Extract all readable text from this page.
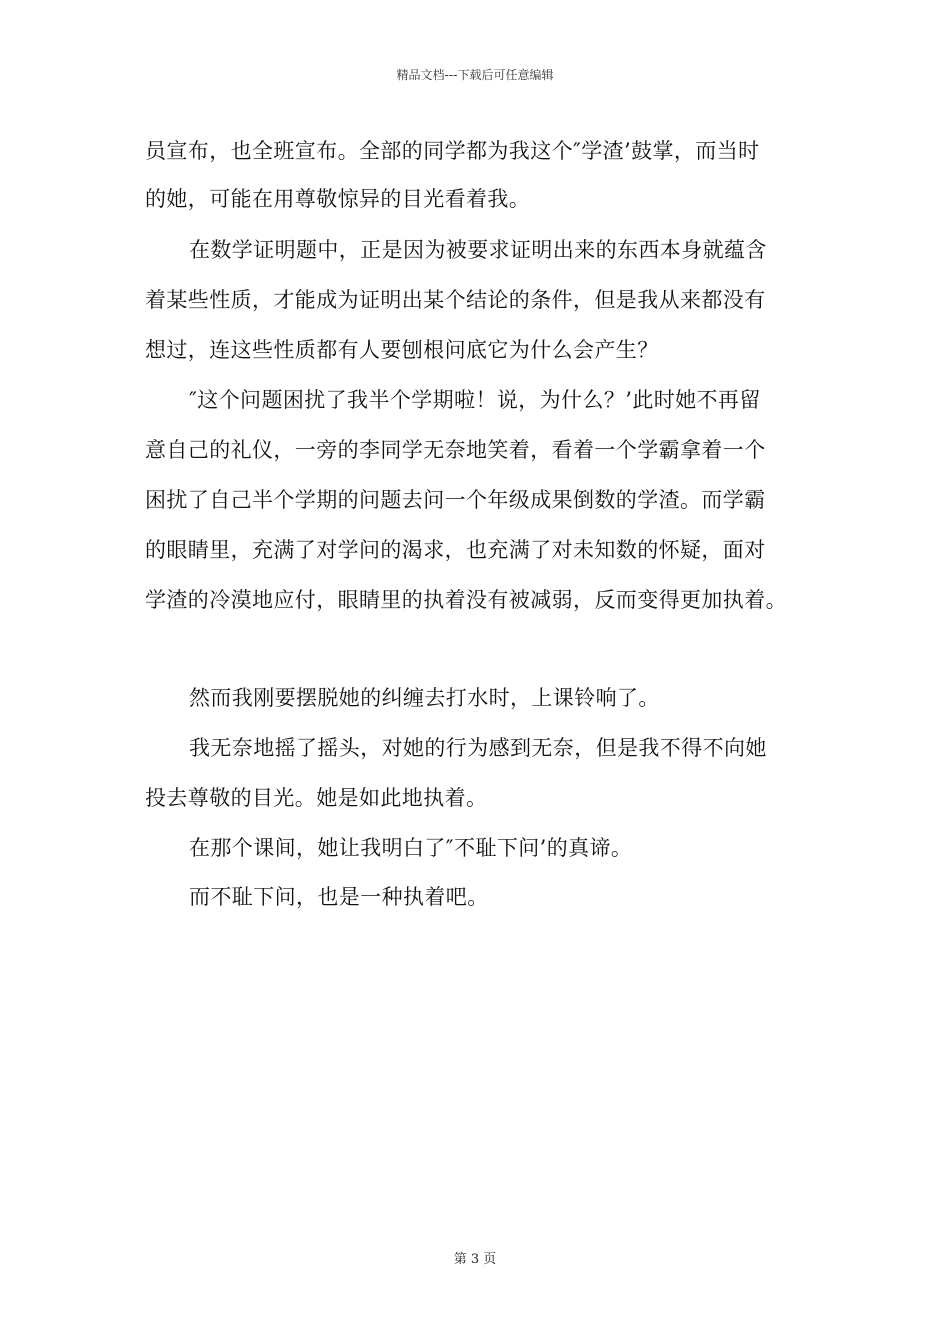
精品文档---下载后可任意编辑
员宣布，也全班宣布。全部的同学都为我这个″学渣’鼓掌，而当时
的她，可能在用尊敬惊异的目光看着我。
在数学证明题中，正是因为被要求证明出来的东西本身就蕴含
着某些性质，才能成为证明出某个结论的条件，但是我从来都没有
想过，连这些性质都有人要刨根问底它为什么会产生？
″这个问题困扰了我半个学期啦！说，为什么？’此时她不再留
意自己的礼仪，一旁的李同学无奈地笑着，看着一个学霸拿着一个
困扰了自己半个学期的问题去问一个年级成果倒数的学渣。而学霸
的眼睛里，充满了对学问的渴求，也充满了对未知数的怀疑，面对
学渣的冷漠地应付，眼睛里的执着没有被减弱，反而变得更加执着。
然而我刚要摆脱她的纠缠去打水时，上课铃响了。
我无奈地摇了摇头，对她的行为感到无奈，但是我不得不向她
投去尊敬的目光。她是如此地执着。
在那个课间，她让我明白了″不耻下问’的真谛。
而不耻下问，也是一种执着吧。
第 3 页
